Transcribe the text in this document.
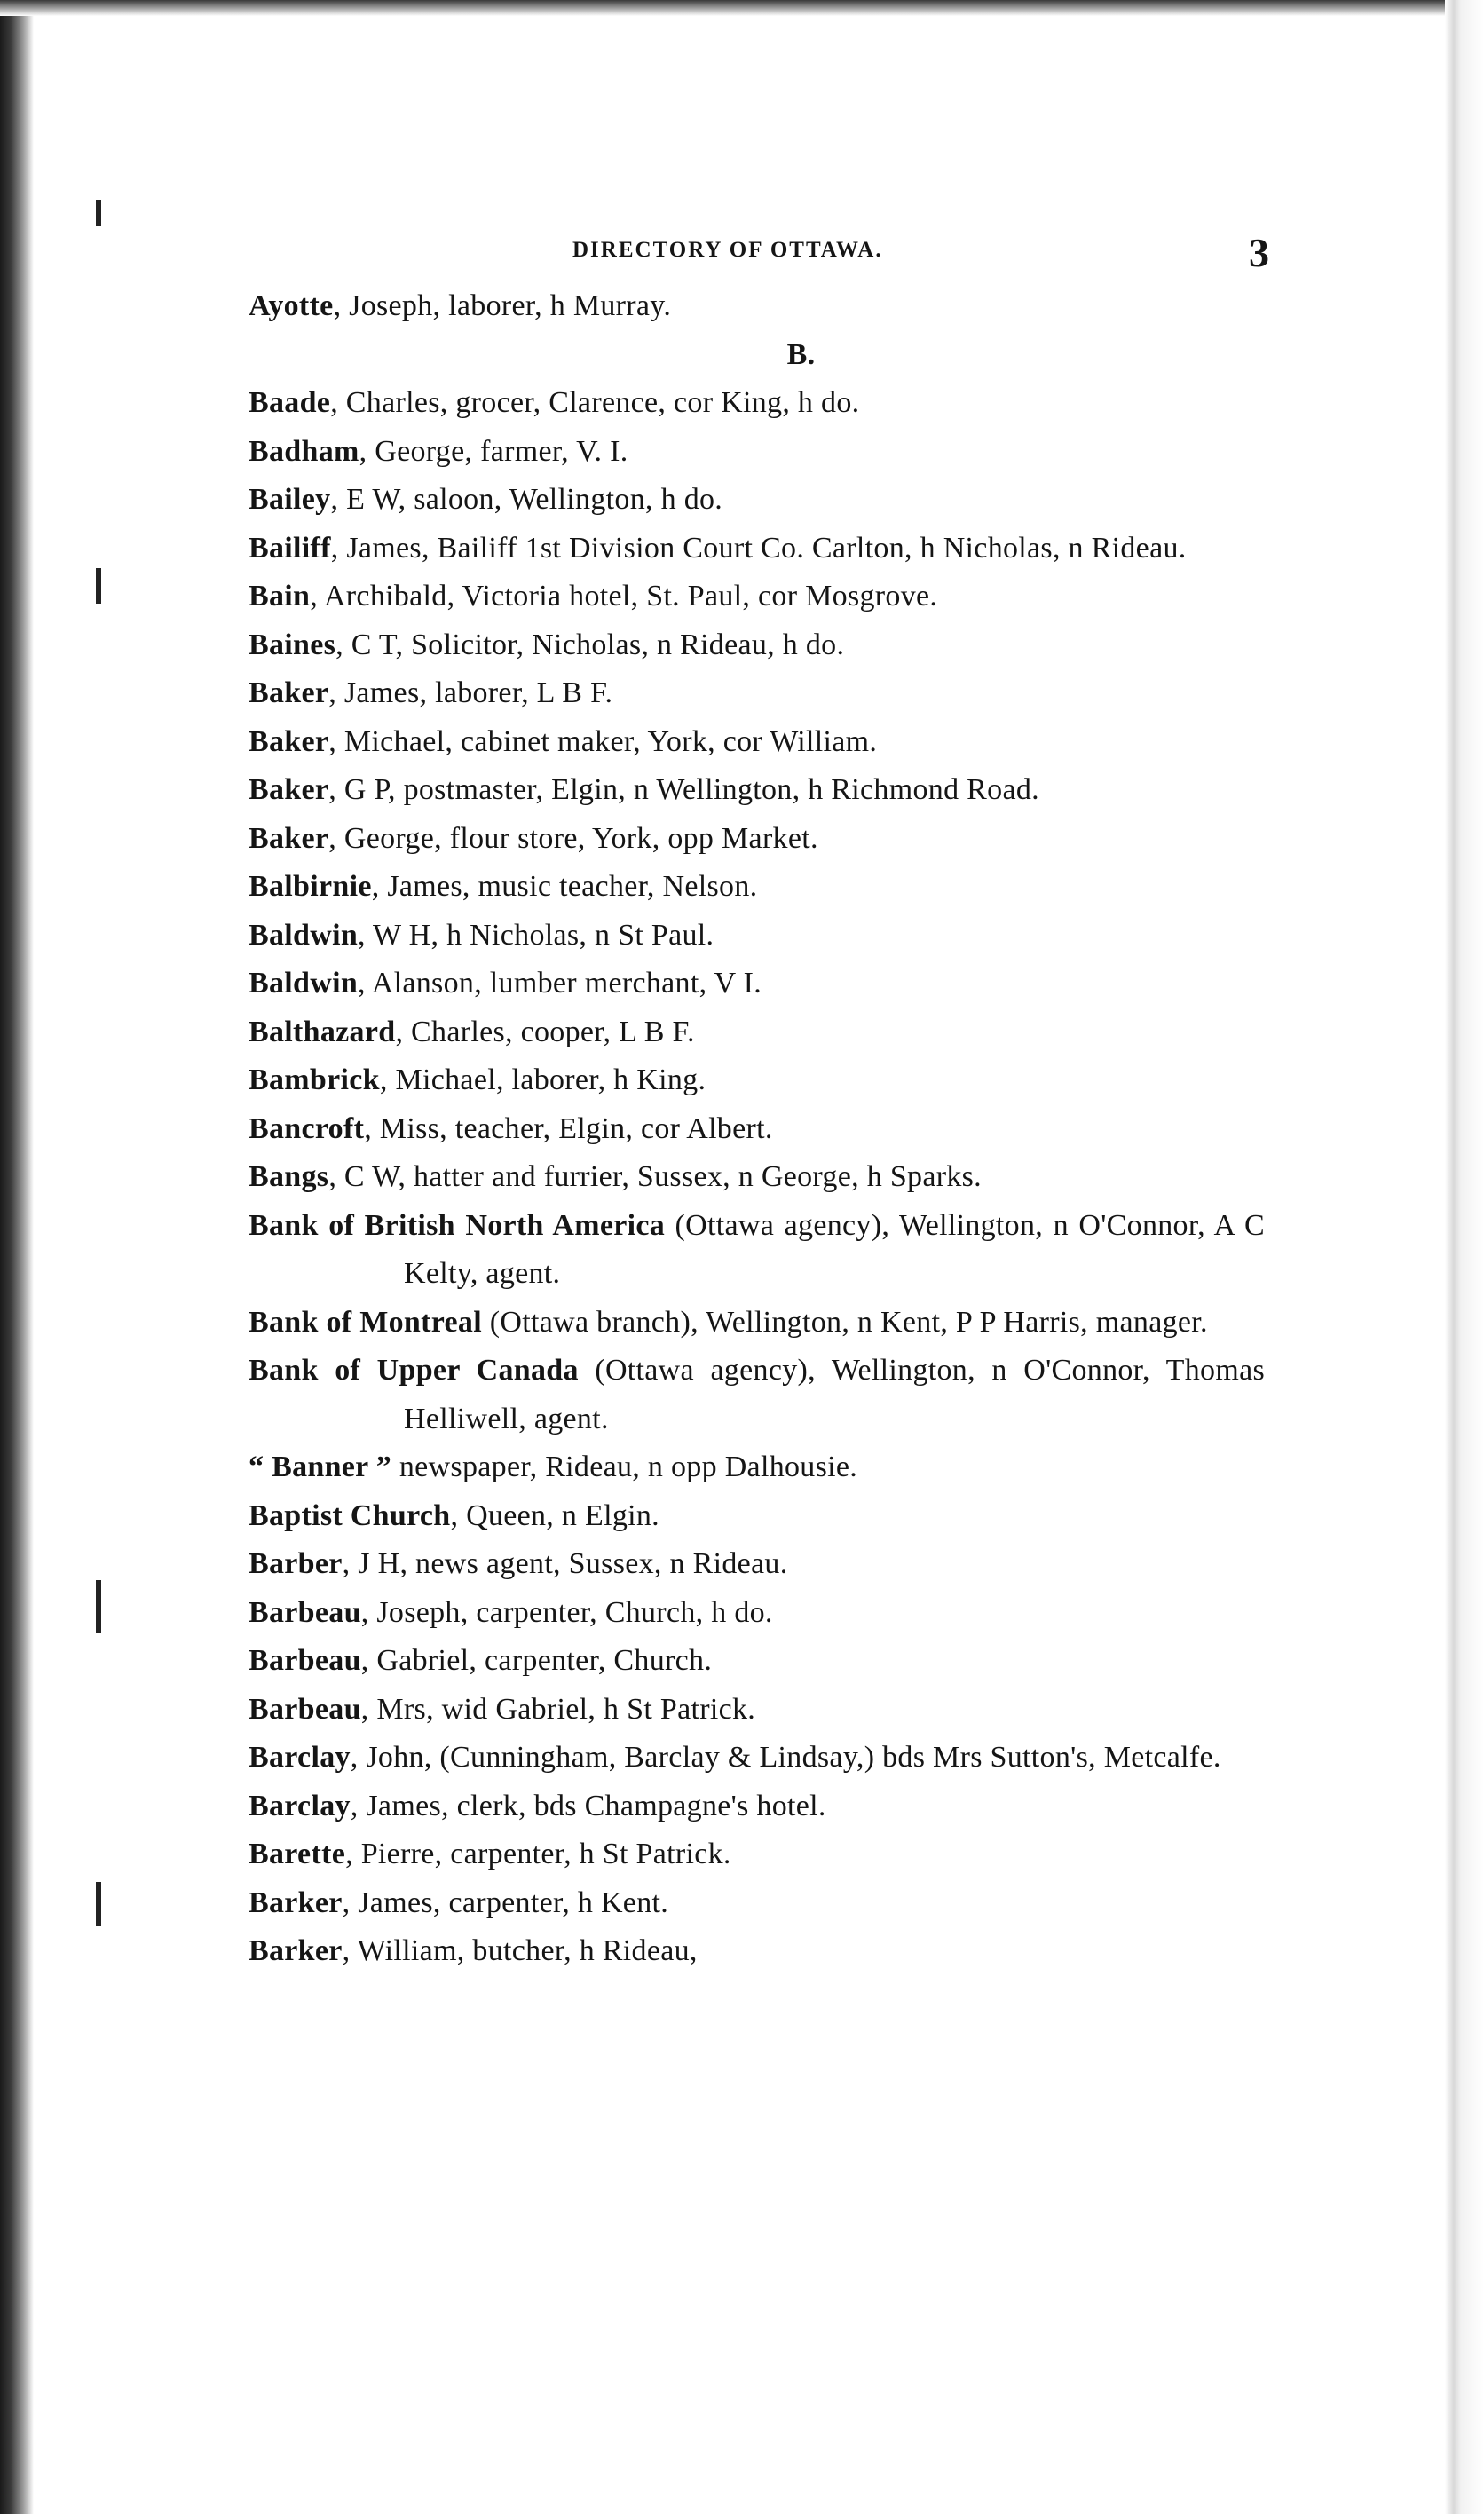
DIRECTORY OF OTTAWA.	3
Ayotte, Joseph, laborer, h Murray.
B.
Baade, Charles, grocer, Clarence, cor King, h do.
Badham, George, farmer, V. I.
Bailey, E W, saloon, Wellington, h do.
Bailiff, James, Bailiff 1st Division Court Co. Carlton, h Nicholas, n Rideau.
Bain, Archibald, Victoria hotel, St. Paul, cor Mosgrove.
Baines, C T, Solicitor, Nicholas, n Rideau, h do.
Baker, James, laborer, L B F.
Baker, Michael, cabinet maker, York, cor William.
Baker, G P, postmaster, Elgin, n Wellington, h Richmond Road.
Baker, George, flour store, York, opp Market.
Balbirnie, James, music teacher, Nelson.
Baldwin, W H, h Nicholas, n St Paul.
Baldwin, Alanson, lumber merchant, V I.
Balthazard, Charles, cooper, L B F.
Bambrick, Michael, laborer, h King.
Bancroft, Miss, teacher, Elgin, cor Albert.
Bangs, C W, hatter and furrier, Sussex, n George, h Sparks.
Bank of British North America (Ottawa agency), Wellington, n O'Connor, A C Kelty, agent.
Bank of Montreal (Ottawa branch), Wellington, n Kent, P P Harris, manager.
Bank of Upper Canada (Ottawa agency), Wellington, n O'Connor, Thomas Helliwell, agent.
“ Banner ” newspaper, Rideau, n opp Dalhousie.
Baptist Church, Queen, n Elgin.
Barber, J H, news agent, Sussex, n Rideau.
Barbeau, Joseph, carpenter, Church, h do.
Barbeau, Gabriel, carpenter, Church.
Barbeau, Mrs, wid Gabriel, h St Patrick.
Barclay, John, (Cunningham, Barclay & Lindsay,) bds Mrs Sutton's, Metcalfe.
Barclay, James, clerk, bds Champagne's hotel.
Barette, Pierre, carpenter, h St Patrick.
Barker, James, carpenter, h Kent.
Barker, William, butcher, h Rideau,
